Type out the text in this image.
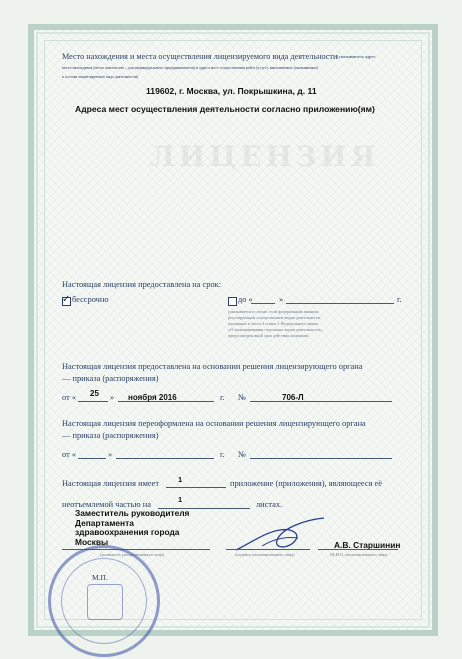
ЛИЦЕНЗИЯ
Место нахождения и места осуществления лицензируемого вида деятельности (указываются адрес
места нахождения (место жительства – для индивидуального предпринимателя) и адреса мест осуществления работ (услуг), выполняемых (оказываемых)
в составе лицензируемого вида деятельности)
119602, г. Москва, ул. Покрышкина, д. 11
Адреса мест осуществления деятельности согласно приложению(ям)
Настоящая лицензия предоставлена на срок:
✓
бессрочно	до «	»	г.
(указывается в случае, если федеральным законом,
регулирующим осуществление видов деятельности,
указанных в части 4 статьи 1 Федерального закона
«О лицензировании отдельных видов деятельности»,
предусмотрен иной срок действия лицензии)
Настоящая лицензия предоставлена на основании решения лицензирующего органа
— приказа (распоряжения)
от « 25 » ноября 2016	г. №	706-Л
Настоящая лицензия переоформлена на основании решения лицензирующего органа
— приказа (распоряжения)
от «	»	г. №
Настоящая лицензия имеет	1	приложение (приложения), являющееся её
неотъемлемой частью на
1
листах.
Заместитель руководителя
Департамента
здравоохранения города
Москвы
(должность уполномоченного лица)	(подпись уполномоченного лица)
А.В. Старшинин
(Ф.И.О. уполномоченного лица)
М.П.
